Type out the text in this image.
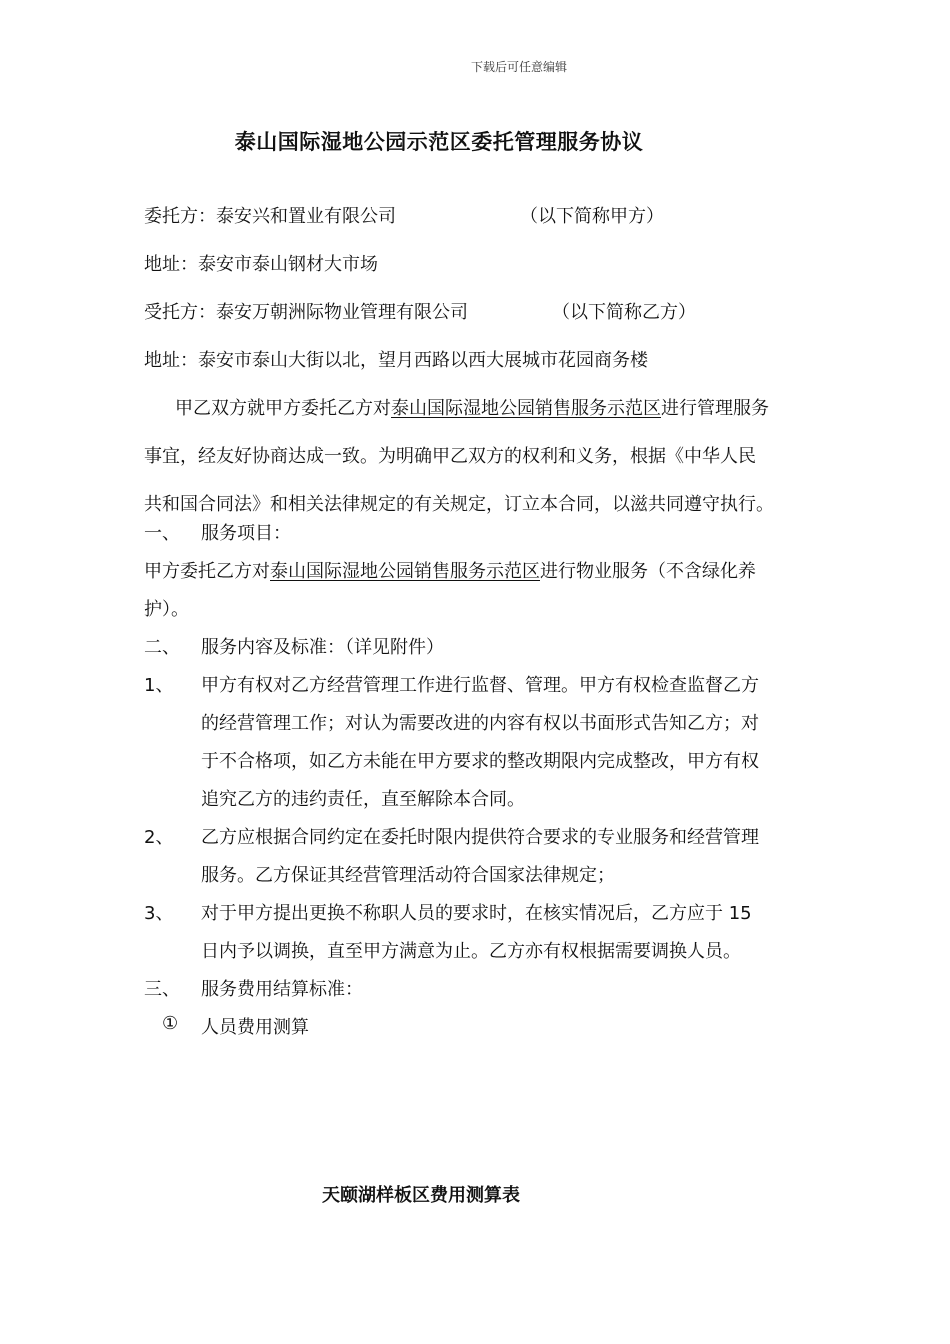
下载后可任意编辑
泰山国际湿地公园示范区委托管理服务协议
委托方：泰安兴和置业有限公司	（以下简称甲方）
地址：泰安市泰山钢材大市场
受托方：泰安万朝洲际物业管理有限公司	（以下简称乙方）
地址：泰安市泰山大街以北，望月西路以西大展城市花园商务楼
甲乙双方就甲方委托乙方对泰山国际湿地公园销售服务示范区进行管理服务
事宜，经友好协商达成一致。为明确甲乙双方的权利和义务，根据《中华人民
共和国合同法》和相关法律规定的有关规定，订立本合同，以滋共同遵守执行。
一、 服务项目：
甲方委托乙方对泰山国际湿地公园销售服务示范区进行物业服务（不含绿化养
护）。
二、 服务内容及标准：（详见附件）
1、 甲方有权对乙方经营管理工作进行监督、管理。甲方有权检查监督乙方
的经营管理工作；对认为需要改进的内容有权以书面形式告知乙方；对
于不合格项，如乙方未能在甲方要求的整改期限内完成整改，甲方有权
追究乙方的违约责任，直至解除本合同。
2、 乙方应根据合同约定在委托时限内提供符合要求的专业服务和经营管理
服务。乙方保证其经营管理活动符合国家法律规定；
3、 对于甲方提出更换不称职人员的要求时，在核实情况后，乙方应于 15
日内予以调换，直至甲方满意为止。乙方亦有权根据需要调换人员。
三、 服务费用结算标准：
① 人员费用测算
天颐湖样板区费用测算表
